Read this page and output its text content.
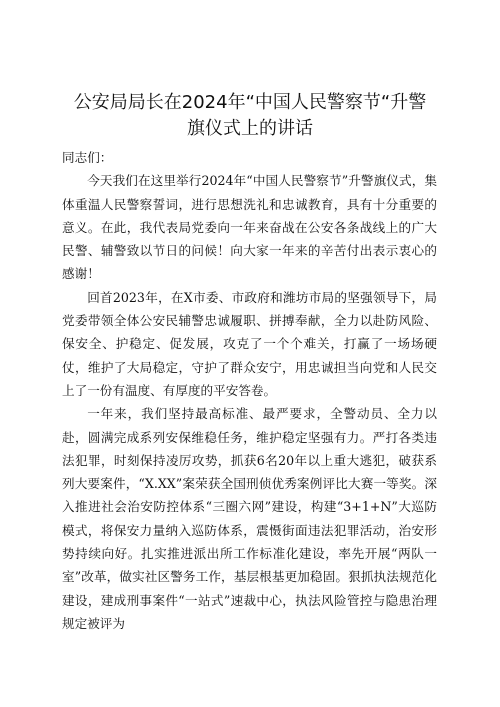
公安局局长在2024年“中国人民警察节“升警
旗仪式上的讲话

同志们：

今天我们在这里举行2024年“中国人民警察节”升警旗仪式，集体重温人民警察誓词，进行思想洗礼和忠诚教育，具有十分重要的意义。在此，我代表局党委向一年来奋战在公安各条战线上的广大民警、辅警致以节日的问候！向大家一年来的辛苦付出表示衷心的感谢！

回首2023年，在X市委、市政府和潍坊市局的坚强领导下，局党委带领全体公安民辅警忠诚履职、拼搏奉献，全力以赴防风险、保安全、护稳定、促发展，攻克了一个个难关，打赢了一场场硬仗，维护了大局稳定，守护了群众安宁，用忠诚担当向党和人民交上了一份有温度、有厚度的平安答卷。

一年来，我们坚持最高标准、最严要求，全警动员、全力以赴，圆满完成系列安保维稳任务，维护稳定坚强有力。严打各类违法犯罪，时刻保持凌厉攻势，抓获6名20年以上重大逃犯，破获系列大要案件，“X.XX”案荣获全国刑侦优秀案例评比大赛一等奖。深入推进社会治安防控体系“三圈六网”建设，构建“3+1+N”大巡防模式，将保安力量纳入巡防体系，震慑街面违法犯罪活动，治安形势持续向好。扎实推进派出所工作标准化建设，率先开展“两队一室”改革，做实社区警务工作，基层根基更加稳固。狠抓执法规范化建设，建成刑事案件“一站式”速裁中心，执法风险管控与隐患治理规定被评为
